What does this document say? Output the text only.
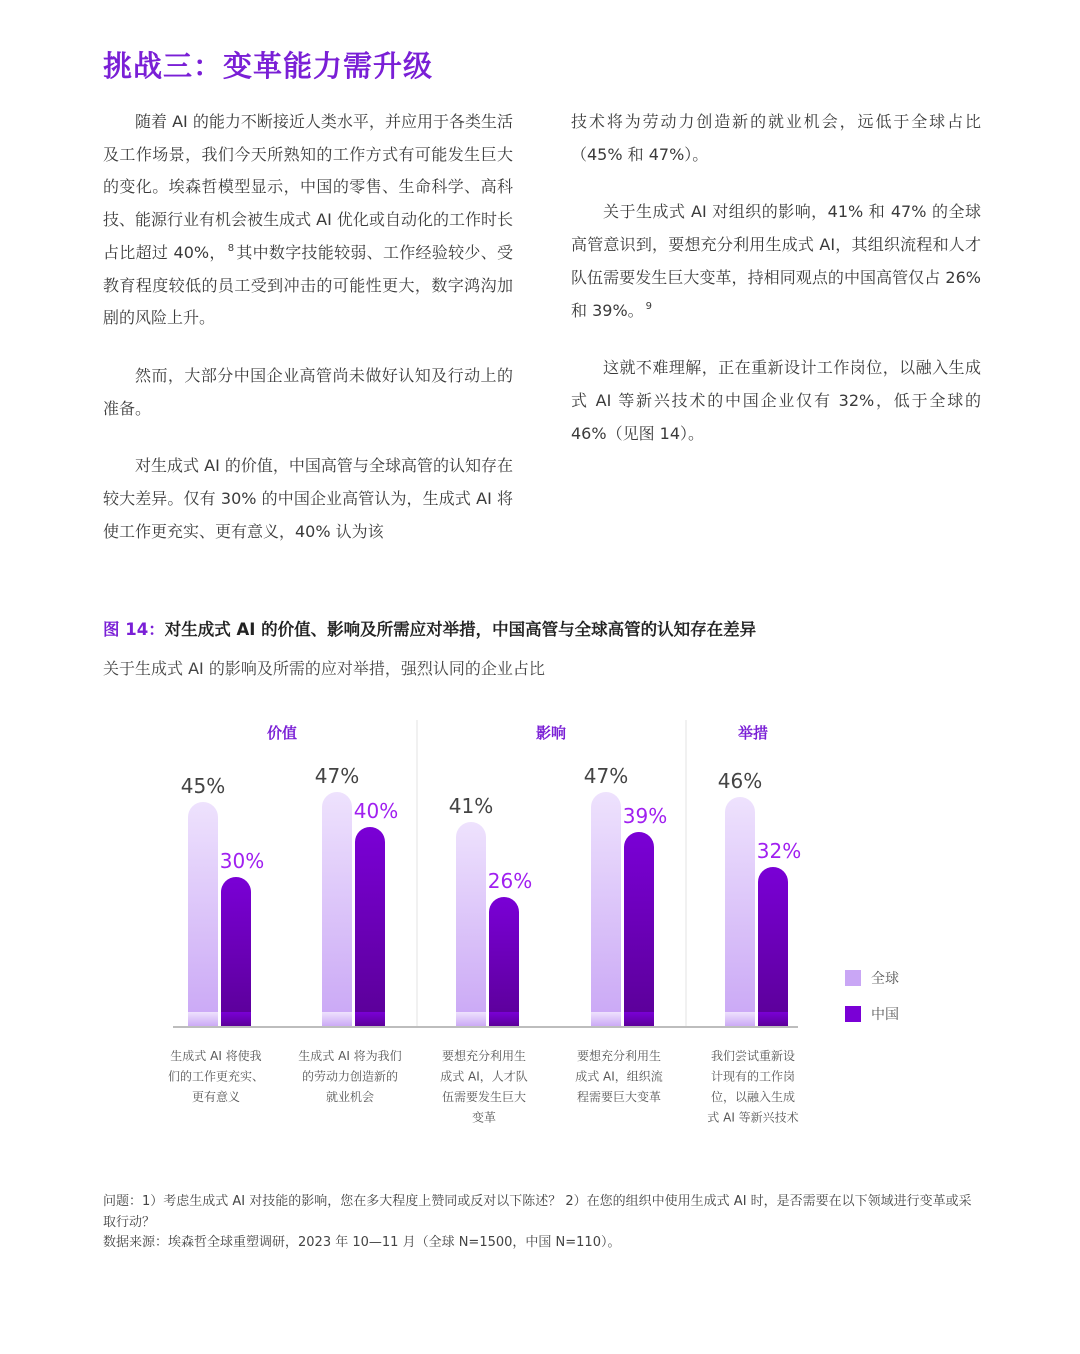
挑战三：变革能力需升级

随着 AI 的能力不断接近人类水平，并应用于各类生活及工作场景，我们今天所熟知的工作方式有可能发生巨大的变化。埃森哲模型显示，中国的零售、生命科学、高科技、能源行业有机会被生成式 AI 优化或自动化的工作时长占比超过 40%， $^8$ 其中数字技能较弱、工作经验较少、受教育程度较低的员工受到冲击的可能性更大，数字鸿沟加剧的风险上升。

然而，大部分中国企业高管尚未做好认知及行动上的准备。

对生成式 AI 的价值，中国高管与全球高管的认知存在较大差异。仅有 30% 的中国企业高管认为，生成式 AI 将使工作更充实、更有意义，40% 认为该

技术将为劳动力创造新的就业机会，远低于全球占比（45% 和 47%）。

关于生成式 AI 对组织的影响，41% 和 47% 的全球高管意识到，要想充分利用生成式 AI，其组织流程和人才队伍需要发生巨大变革，持相同观点的中国高管仅占 26% 和 39%。 $^9$

这就不难理解，正在重新设计工作岗位，以融入生成式 AI 等新兴技术的中国企业仅有 32%，低于全球的 46%（见图 14）。

图 14：对生成式 AI 的价值、影响及所需应对举措，中国高管与全球高管的认知存在差异
关于生成式 AI 的影响及所需的应对举措，强烈认同的企业占比
价值	影响	举措
45%	47%
41%
47%	46%
30%
40%
26%
39%
32%
生成式 AI 将使我
们的工作更充实、
更有意义
生成式 AI 将为我们
的劳动力创造新的
就业机会
要想充分利用生
成式 AI，人才队
伍需要发生巨大
变革
要想充分利用生
成式 AI，组织流
程需要巨大变革
我们尝试重新设
计现有的工作岗
位，以融入生成
式 AI 等新兴技术
全球
中国
问题：1）考虑生成式 AI 对技能的影响，您在多大程度上赞同或反对以下陈述？ 2）在您的组织中使用生成式 AI 时，是否需要在以下领域进行变革或采取行动？
数据来源：埃森哲全球重塑调研，2023 年 10—11 月（全球 N=1500，中国 N=110）。
